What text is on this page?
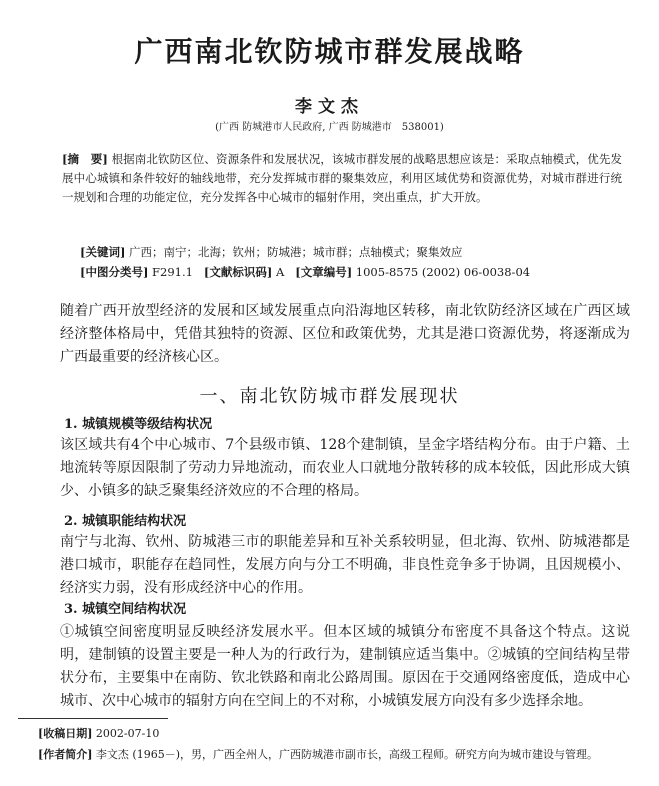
广西南北钦防城市群发展战略
李文杰
(广西 防城港市人民政府, 广西 防城港市　538001)
[摘　要] 根据南北钦防区位、资源条件和发展状况，该城市群发展的战略思想应该是：采取点轴模式，优先发展中心城镇和条件较好的轴线地带，充分发挥城市群的聚集效应，利用区域优势和资源优势，对城市群进行统一规划和合理的功能定位，充分发挥各中心城市的辐射作用，突出重点，扩大开放。
[关键词] 广西；南宁；北海；钦州；防城港；城市群；点轴模式；聚集效应
[中图分类号] F291.1 [文献标识码] A [文章编号] 1005-8575 (2002) 06-0038-04
随着广西开放型经济的发展和区域发展重点向沿海地区转移，南北钦防经济区域在广西区域经济整体格局中，凭借其独特的资源、区位和政策优势，尤其是港口资源优势，将逐渐成为广西最重要的经济核心区。
一、南北钦防城市群发展现状
1. 城镇规模等级结构状况
该区域共有4个中心城市、7个县级市镇、128个建制镇，呈金字塔结构分布。由于户籍、土地流转等原因限制了劳动力异地流动，而农业人口就地分散转移的成本较低，因此形成大镇少、小镇多的缺乏聚集经济效应的不合理的格局。
2. 城镇职能结构状况
南宁与北海、钦州、防城港三市的职能差异和互补关系较明显，但北海、钦州、防城港都是港口城市，职能存在趋同性，发展方向与分工不明确，非良性竞争多于协调，且因规模小、经济实力弱，没有形成经济中心的作用。
3. 城镇空间结构状况
①城镇空间密度明显反映经济发展水平。但本区域的城镇分布密度不具备这个特点。这说明，建制镇的设置主要是一种人为的行政行为，建制镇应适当集中。②城镇的空间结构呈带状分布，主要集中在南防、钦北铁路和南北公路周围。原因在于交通网络密度低，造成中心城市、次中心城市的辐射方向在空间上的不对称，小城镇发展方向没有多少选择余地。
[收稿日期] 2002-07-10
[作者简介] 李文杰 (1965－)，男，广西全州人，广西防城港市副市长，高级工程师。研究方向为城市建设与管理。
